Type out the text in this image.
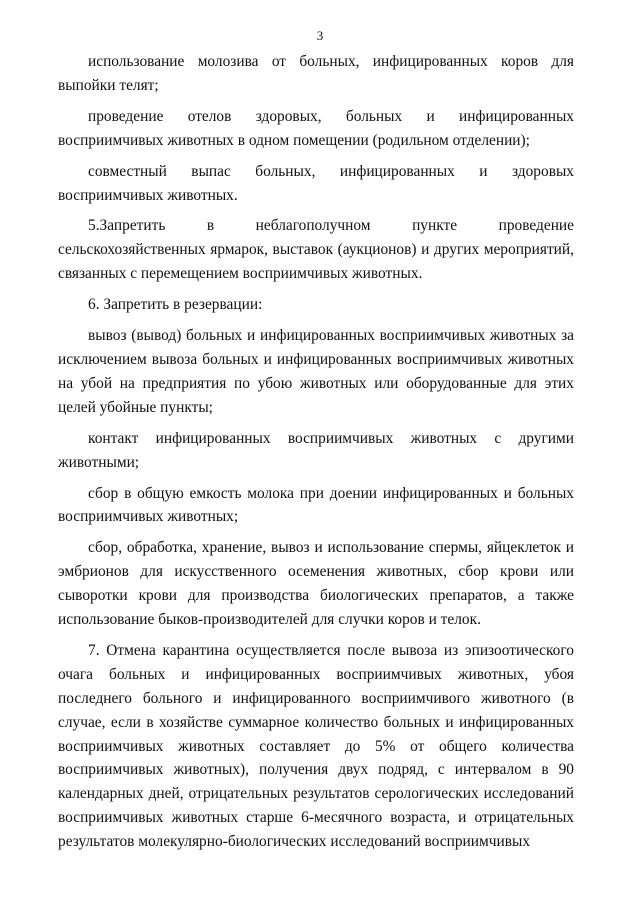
3

использование молозива от больных, инфицированных коров для выпойки телят;

проведение отелов здоровых, больных и инфицированных восприимчивых животных в одном помещении (родильном отделении);

совместный выпас больных, инфицированных и здоровых восприимчивых животных.

5.Запретить в неблагополучном пункте проведение сельскохозяйственных ярмарок, выставок (аукционов) и других мероприятий, связанных с перемещением восприимчивых животных.

6. Запретить в резервации:

вывоз (вывод) больных и инфицированных восприимчивых животных за исключением вывоза больных и инфицированных восприимчивых животных на убой на предприятия по убою животных или оборудованные для этих целей убойные пункты;

контакт инфицированных восприимчивых животных с другими животными;

сбор в общую емкость молока при доении инфицированных и больных восприимчивых животных;

сбор, обработка, хранение, вывоз и использование спермы, яйцеклеток и эмбрионов для искусственного осеменения животных, сбор крови или сыворотки крови для производства биологических препаратов, а также использование быков-производителей для случки коров и телок.

7. Отмена карантина осуществляется после вывоза из эпизоотического очага больных и инфицированных восприимчивых животных, убоя последнего больного и инфицированного восприимчивого животного (в случае, если в хозяйстве суммарное количество больных и инфицированных восприимчивых животных составляет до 5% от общего количества восприимчивых животных), получения двух подряд, с интервалом в 90 календарных дней, отрицательных результатов серологических исследований восприимчивых животных старше 6-месячного возраста, и отрицательных результатов молекулярно-биологических исследований восприимчивых
